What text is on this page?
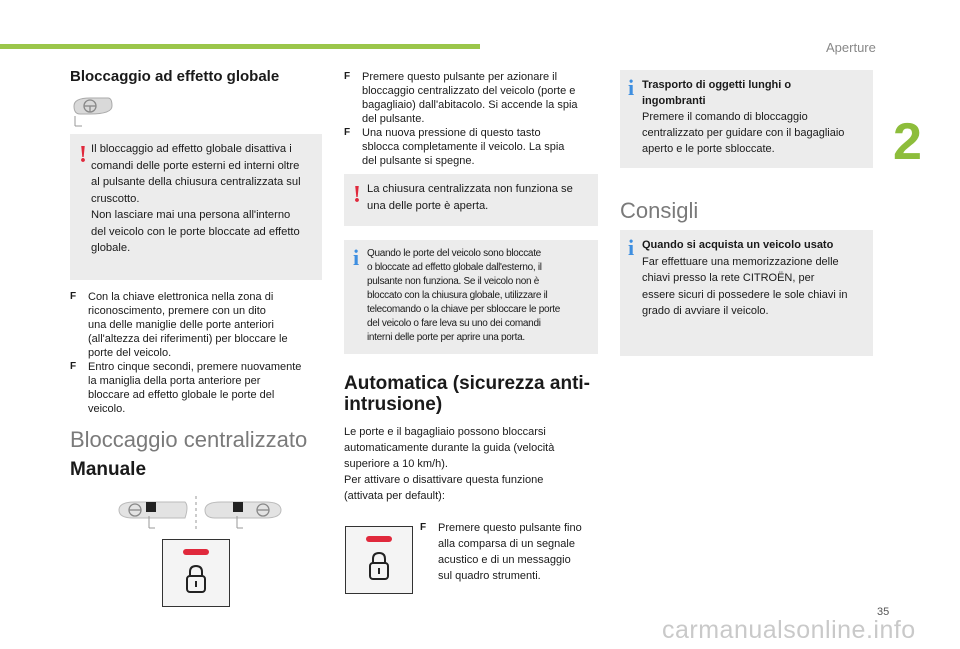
Aperture
2
Bloccaggio ad effetto globale
! Il bloccaggio ad effetto globale disattiva i
comandi delle porte esterni ed interni oltre
al pulsante della chiusura centralizzata sul
cruscotto.
Non lasciare mai una persona all'interno
del veicolo con le porte bloccate ad effetto
globale.
F Con la chiave elettronica nella zona di
riconoscimento, premere con un dito
una delle maniglie delle porte anteriori
(all'altezza dei riferimenti) per bloccare le
porte del veicolo.
F Entro cinque secondi, premere nuovamente
la maniglia della porta anteriore per
bloccare ad effetto globale le porte del
veicolo.
Bloccaggio centralizzato
Manuale
F Premere questo pulsante per azionare il
bloccaggio centralizzato del veicolo (porte e
bagagliaio) dall'abitacolo. Si accende la spia
del pulsante.
F Una nuova pressione di questo tasto
sblocca completamente il veicolo. La spia
del pulsante si spegne.
! La chiusura centralizzata non funziona se
una delle porte è aperta.
i Quando le porte del veicolo sono bloccate
o bloccate ad effetto globale dall'esterno, il
pulsante non funziona. Se il veicolo non è
bloccato con la chiusura globale, utilizzare il
telecomando o la chiave per sbloccare le porte
del veicolo o fare leva su uno dei comandi
interni delle porte per aprire una porta.
Automatica (sicurezza anti-
intrusione)
Le porte e il bagagliaio possono bloccarsi
automaticamente durante la guida (velocità
superiore a 10 km/h).
Per attivare o disattivare questa funzione
(attivata per default):
F Premere questo pulsante fino
alla comparsa di un segnale
acustico e di un messaggio
sul quadro strumenti.
i Trasporto di oggetti lunghi o
ingombranti
Premere il comando di bloccaggio
centralizzato per guidare con il bagagliaio
aperto e le porte sbloccate.
Consigli
i Quando si acquista un veicolo usato
Far effettuare una memorizzazione delle
chiavi presso la rete CITROËN, per
essere sicuri di possedere le sole chiavi in
grado di avviare il veicolo.
35
carmanualsonline.info
